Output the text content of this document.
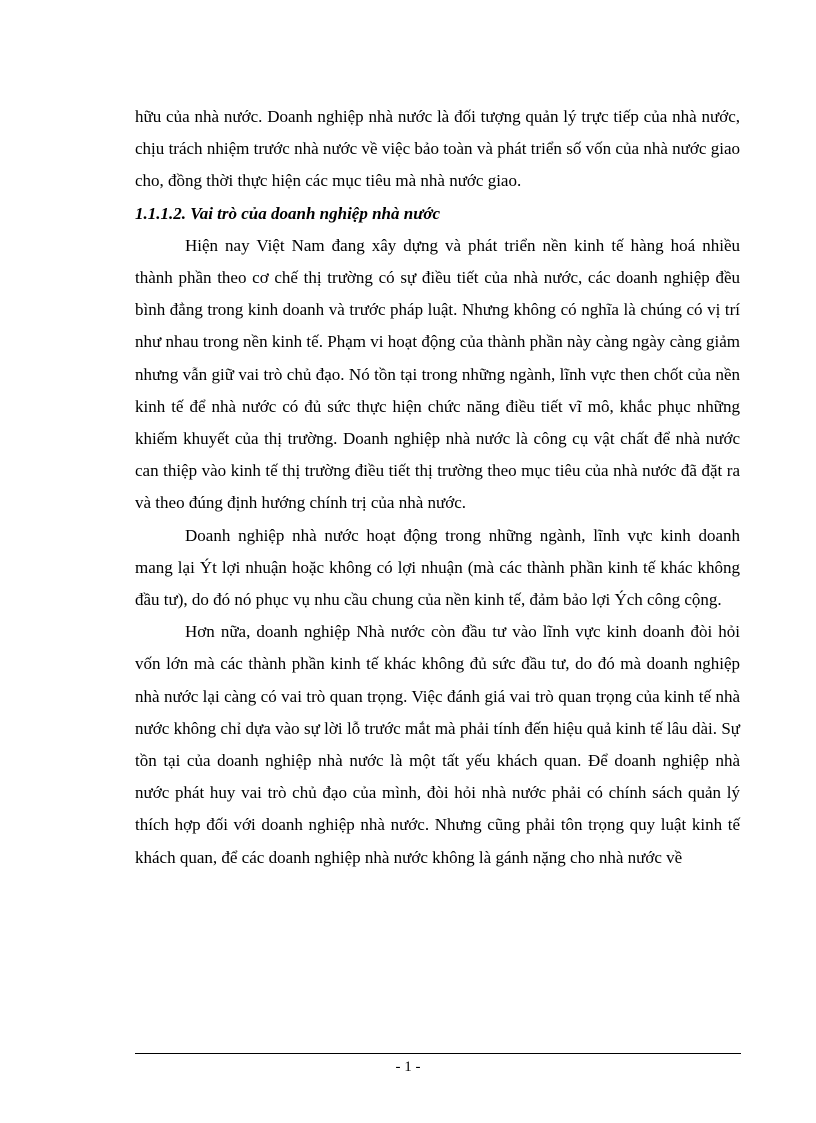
hữu của nhà nước. Doanh nghiệp nhà nước là đối tượng quản lý trực tiếp của nhà nước, chịu trách nhiệm trước nhà nước về việc bảo toàn và phát triển số vốn của nhà nước giao cho, đồng thời thực hiện các mục tiêu mà nhà nước giao.

1.1.1.2. Vai trò của doanh nghiệp nhà nước

Hiện nay Việt Nam đang xây dựng và phát triển nền kinh tế hàng hoá nhiều thành phần theo cơ chế thị trường có sự điều tiết của nhà nước, các doanh nghiệp đều bình đẳng trong kinh doanh và trước pháp luật. Nhưng không có nghĩa là chúng có vị trí như nhau trong nền kinh tế. Phạm vi hoạt động của thành phần này càng ngày càng giảm nhưng vẫn giữ vai trò chủ đạo. Nó tồn tại trong những ngành, lĩnh vực then chốt của nền kinh tế để nhà nước có đủ sức thực hiện chức năng điều tiết vĩ mô, khắc phục những khiếm khuyết của thị trường. Doanh nghiệp nhà nước là công cụ vật chất để nhà nước can thiệp vào kinh tế thị trường điều tiết thị trường theo mục tiêu của nhà nước đã đặt ra và theo đúng định hướng chính trị của nhà nước.

Doanh nghiệp nhà nước hoạt động trong những ngành, lĩnh vực kinh doanh mang lại Ýt lợi nhuận hoặc không có lợi nhuận (mà các thành phần kinh tế khác không đầu tư), do đó nó phục vụ nhu cầu chung của nền kinh tế, đảm bảo lợi Ých công cộng.

Hơn nữa, doanh nghiệp Nhà nước còn đầu tư vào lĩnh vực kinh doanh đòi hỏi vốn lớn mà các thành phần kinh tế khác không đủ sức đầu tư, do đó mà doanh nghiệp nhà nước lại càng có vai trò quan trọng. Việc đánh giá vai trò quan trọng của kinh tế nhà nước không chỉ dựa vào sự lời lỗ trước mắt mà phải tính đến hiệu quả kinh tế lâu dài. Sự tồn tại của doanh nghiệp nhà nước là một tất yếu khách quan. Để doanh nghiệp nhà nước phát huy vai trò chủ đạo của mình, đòi hỏi nhà nước phải có chính sách quản lý thích hợp đối với doanh nghiệp nhà nước. Nhưng cũng phải tôn trọng quy luật kinh tế khách quan, để các doanh nghiệp nhà nước không là gánh nặng cho nhà nước về

- 1 -
